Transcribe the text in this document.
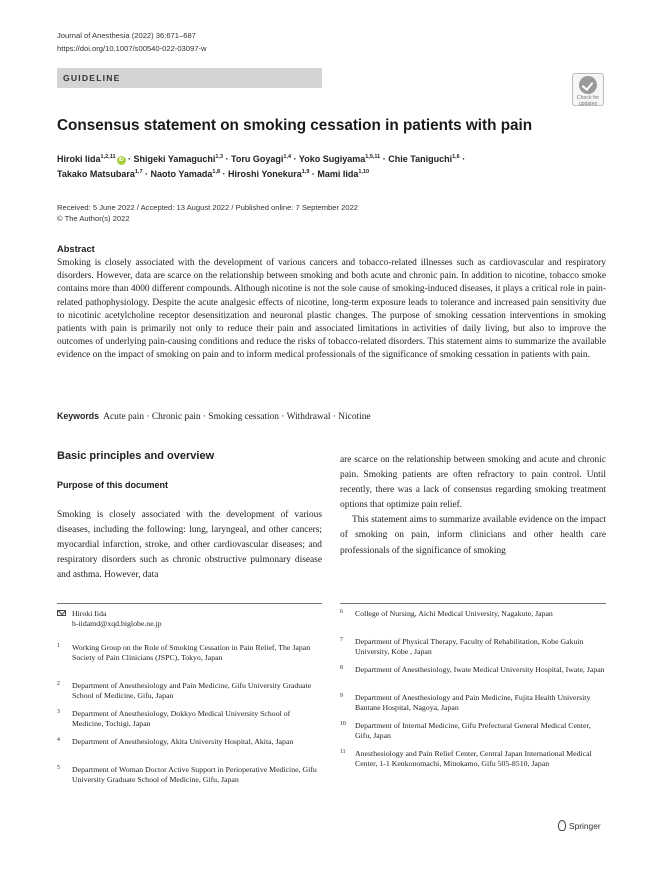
Journal of Anesthesia (2022) 36:671–687
https://doi.org/10.1007/s00540-022-03097-w
GUIDELINE
Check for
updates
Consensus statement on smoking cessation in patients with pain
Hiroki Iida$^{1,2,11}$ iD · Shigeki Yamaguchi$^{1,3}$ · Toru Goyagi$^{1,4}$ · Yoko Sugiyama$^{1,5,11}$ · Chie Taniguchi$^{1,6}$ ·
Takako Matsubara$^{1,7}$ · Naoto Yamada$^{1,8}$ · Hiroshi Yonekura$^{1,9}$ · Mami Iida$^{1,10}$
Received: 5 June 2022 / Accepted: 13 August 2022 / Published online: 7 September 2022
© The Author(s) 2022
Abstract
Smoking is closely associated with the development of various cancers and tobacco-related illnesses such as cardiovascular and respiratory disorders. However, data are scarce on the relationship between smoking and both acute and chronic pain. In addition to nicotine, tobacco smoke contains more than 4000 different compounds. Although nicotine is not the sole cause of smoking-induced diseases, it plays a critical role in pain-related pathophysiology. Despite the acute analgesic effects of nicotine, long-term exposure leads to tolerance and increased pain sensitivity due to nicotinic acetylcholine receptor desensitization and neuronal plastic changes. The purpose of smoking cessation interventions in smoking patients with pain is primarily not only to reduce their pain and associated limitations in activities of daily living, but also to improve the outcomes of underlying pain-causing conditions and reduce the risks of tobacco-related disorders. This statement aims to summarize the available evidence on the impact of smoking on pain and to inform medical professionals of the significance of smoking cessation in patients with pain.
Keywords Acute pain · Chronic pain · Smoking cessation · Withdrawal · Nicotine
Basic principles and overview
Purpose of this document

Smoking is closely associated with the development of various diseases, including the following: lung, laryngeal, and other cancers; myocardial infarction, stroke, and other cardiovascular diseases; and respiratory disorders such as chronic obstructive pulmonary disease and asthma. However, data

are scarce on the relationship between smoking and acute and chronic pain. Smoking patients are often refractory to pain control. Until recently, there was a lack of consensus regarding smoking treatment options that optimize pain relief.

This statement aims to summarize available evidence on the impact of smoking on pain, inform clinicians and other health care professionals of the significance of smoking

Hiroki Iida
h-iidamd@xqd.biglobe.ne.jp
Springer
1 Working Group on the Role of Smoking Cessation in Pain Relief, The Japan Society of Pain Clinicians (JSPC), Tokyo, Japan
2 Department of Anesthesiology and Pain Medicine, Gifu University Graduate School of Medicine, Gifu, Japan
3 Department of Anesthesiology, Dokkyo Medical University School of Medicine, Tochigi, Japan
4 Department of Anesthesiology, Akita University Hospital, Akita, Japan
5 Department of Woman Doctor Active Support in Perioperative Medicine, Gifu University Graduate School of Medicine, Gifu, Japan
6 College of Nursing, Aichi Medical University, Nagakute, Japan
7 Department of Physical Therapy, Faculty of Rehabilitation, Kobe Gakuin University, Kobe , Japan
8 Department of Anesthesiology, Iwate Medical University Hospital, Iwate, Japan
9 Department of Anesthesiology and Pain Medicine, Fujita Health University Bantane Hospital, Nagoya, Japan
10 Department of Internal Medicine, Gifu Prefectural General Medical Center, Gifu, Japan
11 Anesthesiology and Pain Relief Center, Central Japan International Medical Center, 1-1 Kenkonomachi, Minokamo, Gifu 505-8510, Japan
